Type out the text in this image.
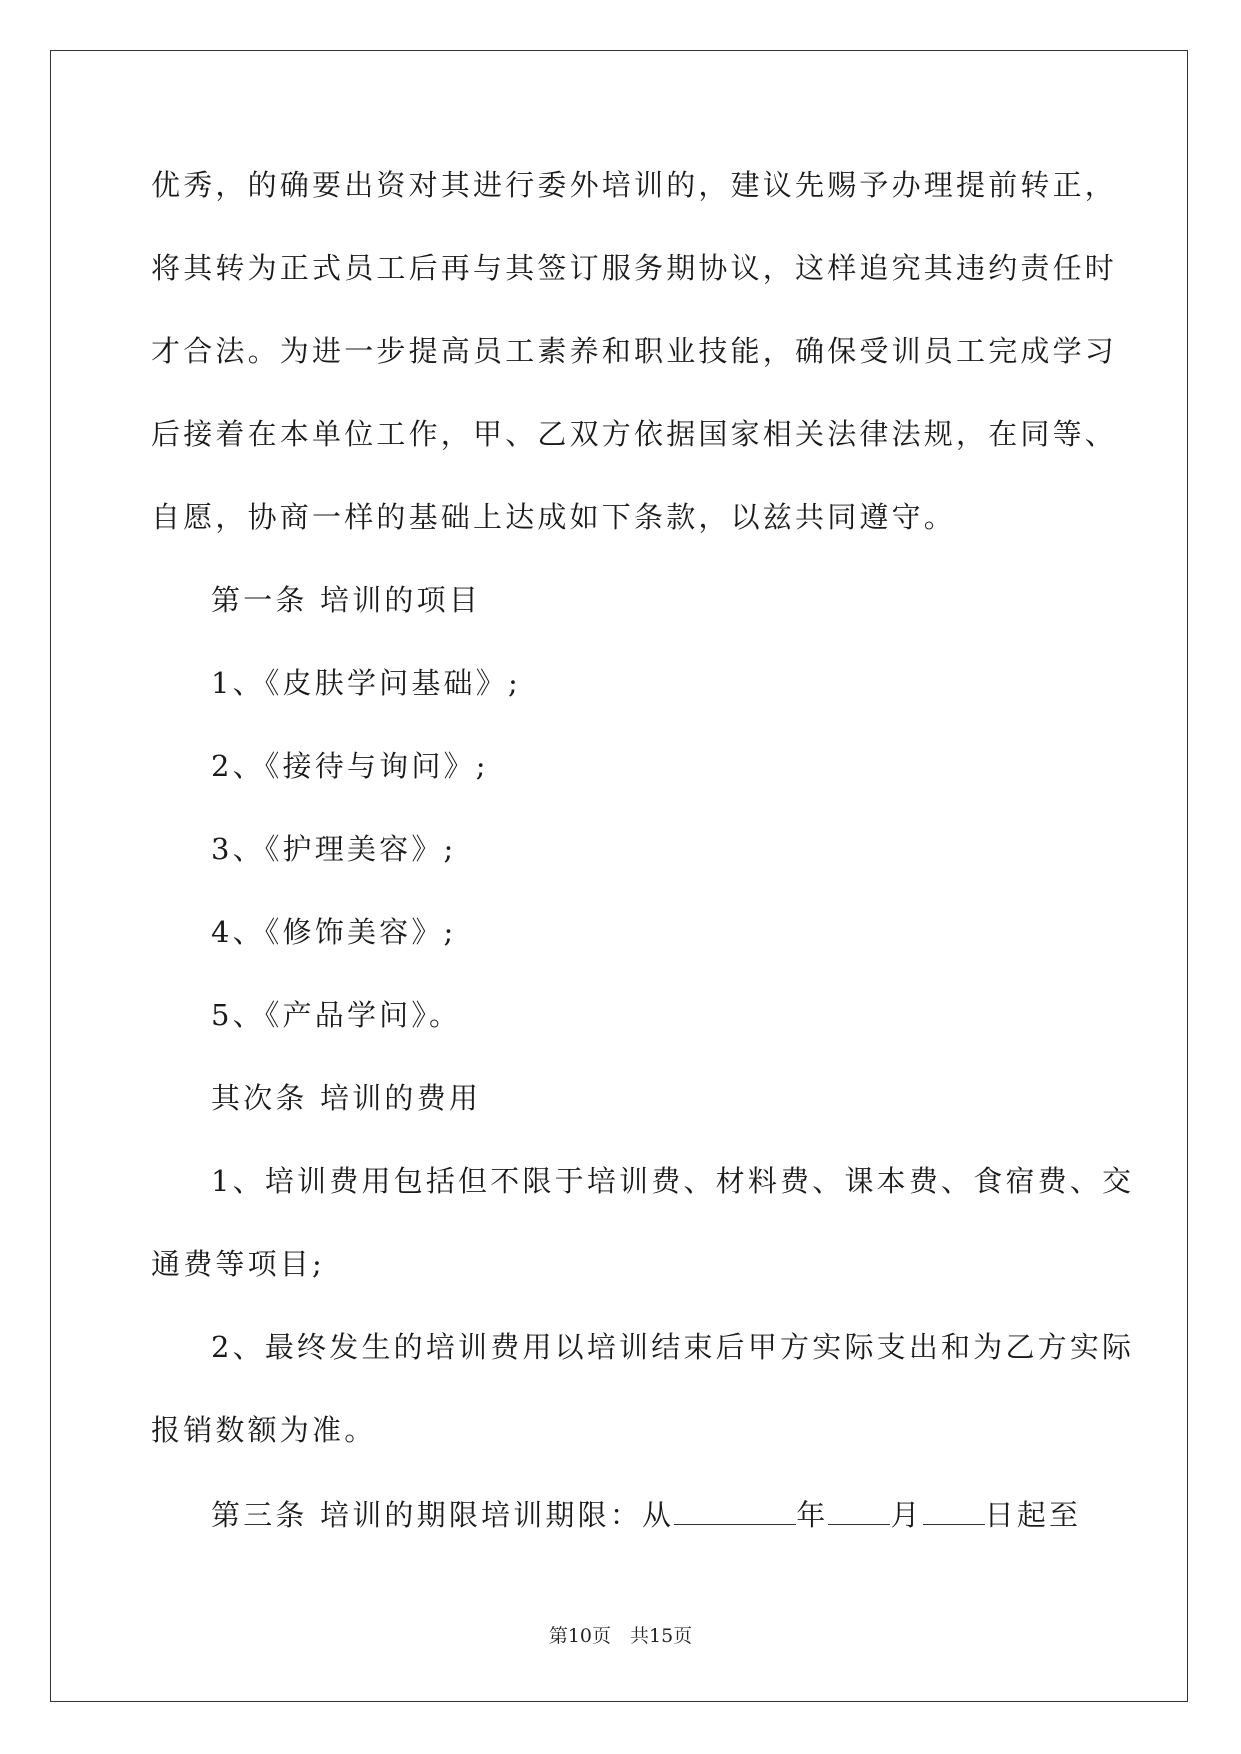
优秀，的确要出资对其进行委外培训的，建议先赐予办理提前转正，
将其转为正式员工后再与其签订服务期协议，这样追究其违约责任时
才合法。为进一步提高员工素养和职业技能，确保受训员工完成学习
后接着在本单位工作，甲、乙双方依据国家相关法律法规，在同等、
自愿，协商一样的基础上达成如下条款，以兹共同遵守。
第一条 培训的项目
1、《皮肤学问基础》;
2、《接待与询问》;
3、《护理美容》;
4、《修饰美容》;
5、《产品学问》。
其次条 培训的费用
1、培训费用包括但不限于培训费、材料费、课本费、食宿费、交
通费等项目;
2、最终发生的培训费用以培训结束后甲方实际支出和为乙方实际
报销数额为准。
第三条 培训的期限培训期限：从	年 月 日起至
第10页　共15页
